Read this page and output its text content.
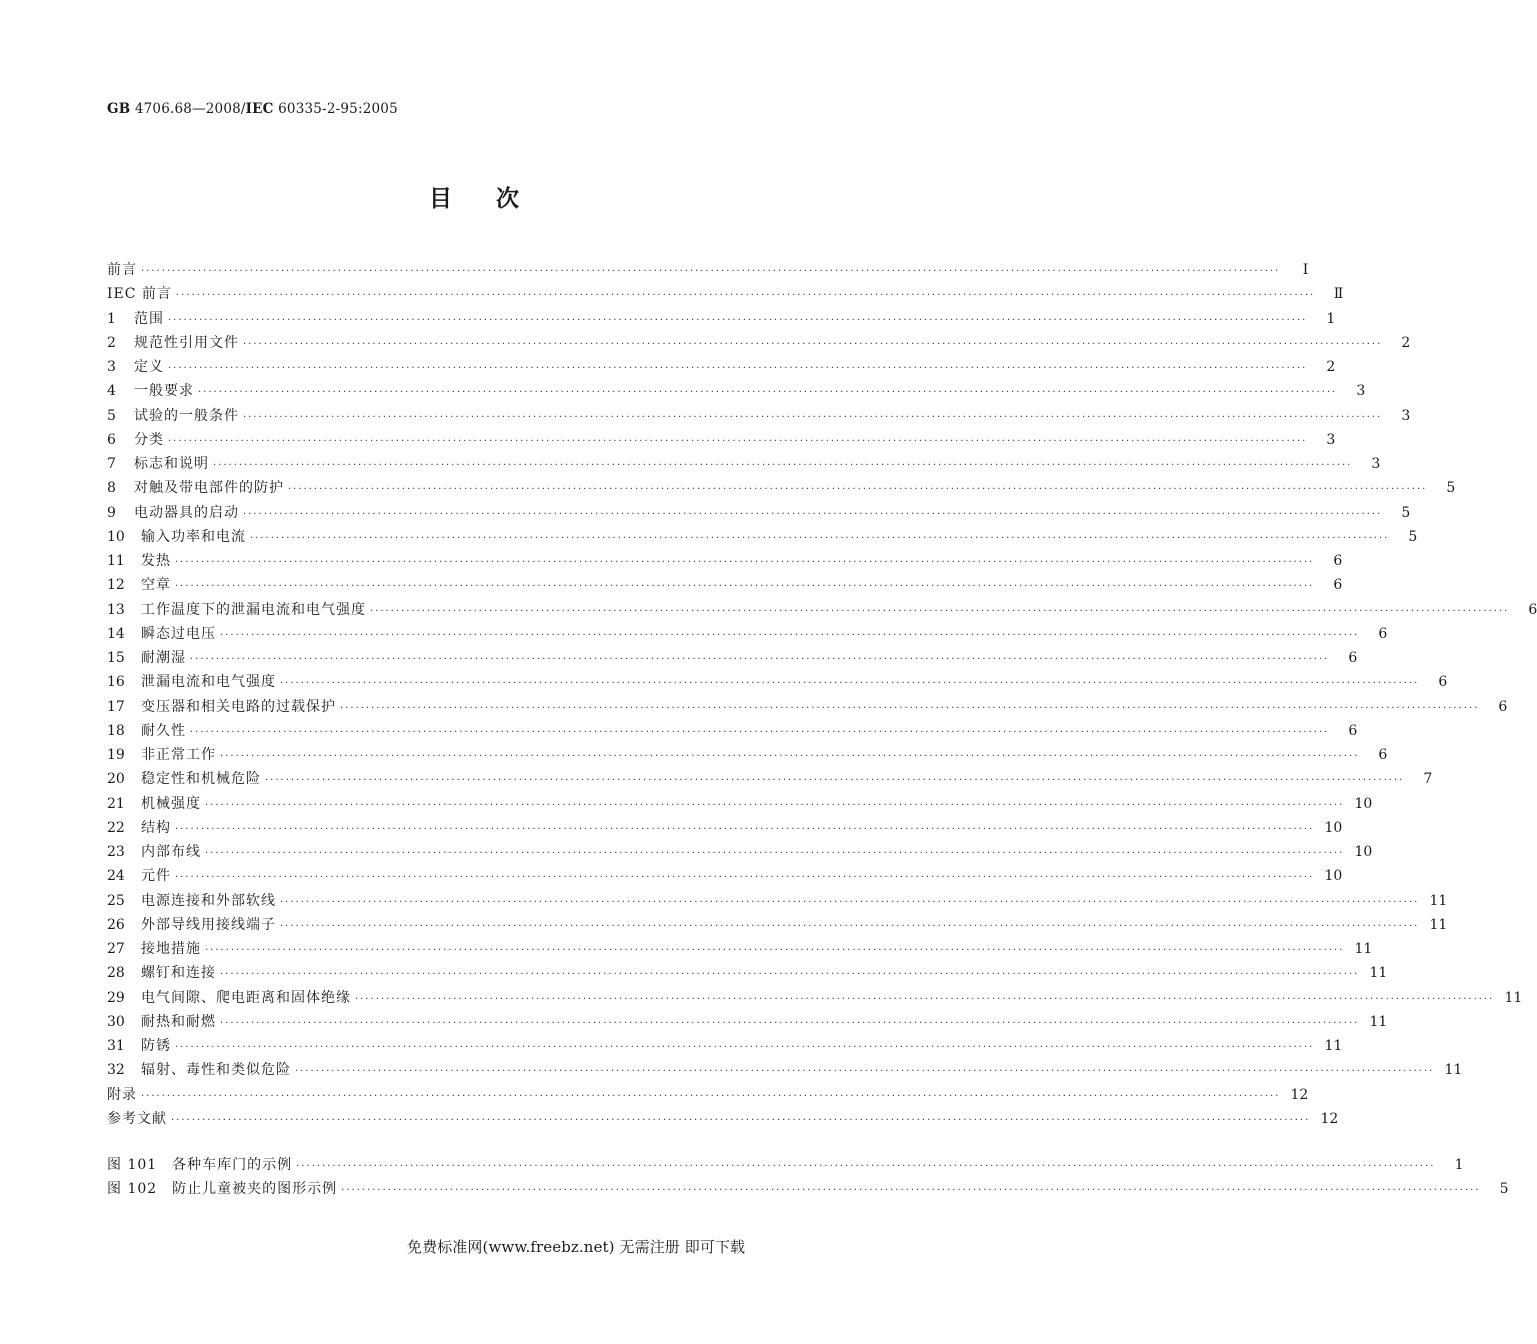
GB 4706.68—2008/IEC 60335-2-95:2005
目 次
前言 ····························································································································································································································	Ⅰ
IEC 前言 ····························································································································································································································	Ⅱ
1	范围 ····························································································································································································································	1
2	规范性引用文件 ····························································································································································································································	2
3	定义 ····························································································································································································································	2
4	一般要求 ····························································································································································································································	3
5	试验的一般条件 ····························································································································································································································	3
6	分类 ····························································································································································································································	3
7	标志和说明 ····························································································································································································································	3
8	对触及带电部件的防护 ····························································································································································································································	5
9	电动器具的启动 ····························································································································································································································	5
10	输入功率和电流 ····························································································································································································································	5
11	发热 ····························································································································································································································	6
12	空章 ····························································································································································································································	6
13	工作温度下的泄漏电流和电气强度 ····························································································································································································································	6
14	瞬态过电压 ····························································································································································································································	6
15	耐潮湿 ····························································································································································································································	6
16	泄漏电流和电气强度 ····························································································································································································································	6
17	变压器和相关电路的过载保护 ····························································································································································································································	6
18	耐久性 ····························································································································································································································	6
19	非正常工作 ····························································································································································································································	6
20	稳定性和机械危险 ····························································································································································································································	7
21	机械强度 ···························································································································································································································· 10
22	结构 ···························································································································································································································· 10
23	内部布线 ···························································································································································································································· 10
24	元件 ···························································································································································································································· 10
25	电源连接和外部软线 ···························································································································································································································· 11
26	外部导线用接线端子 ···························································································································································································································· 11
27	接地措施 ···························································································································································································································· 11
28	螺钉和连接 ···························································································································································································································· 11
29	电气间隙、爬电距离和固体绝缘 ···························································································································································································································· 11
30	耐热和耐燃 ···························································································································································································································· 11
31	防锈 ···························································································································································································································· 11
32	辐射、毒性和类似危险 ···························································································································································································································· 11
附录 ···························································································································································································································· 12
参考文献 ···························································································································································································································· 12
图 101　各种车库门的示例 ····························································································································································································································	1
图 102　防止儿童被夹的图形示例 ····························································································································································································································	5
免费标准网(www.freebz.net) 无需注册 即可下载
